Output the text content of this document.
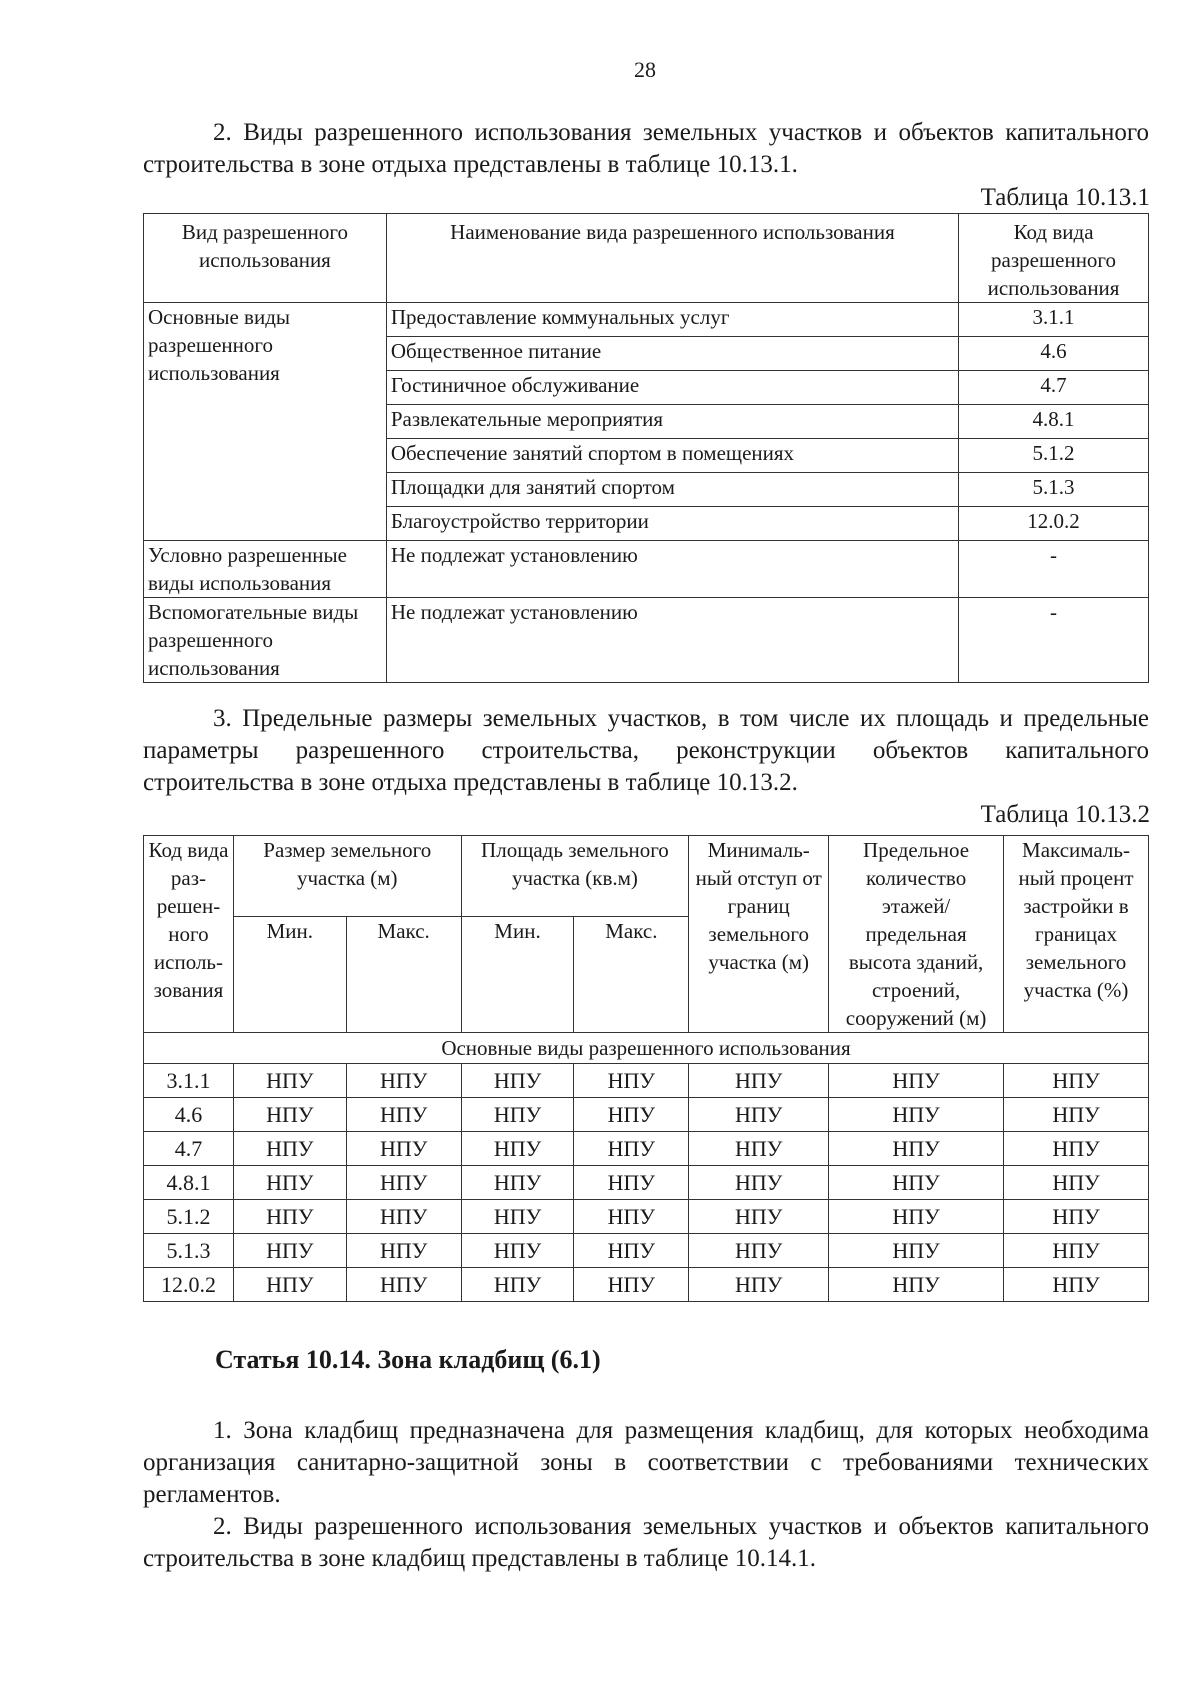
28

2. Виды разрешенного использования земельных участков и объектов капитального строительства в зоне отдыха представлены в таблице 10.13.1.

Таблица 10.13.1
Вид разрешенного использования	Наименование вида разрешенного использования	Код вида разрешенного использования
Основные виды разрешенного использования	Предоставление коммунальных услуг	3.1.1
	Общественное питание	4.6
	Гостиничное обслуживание	4.7
	Развлекательные мероприятия	4.8.1
	Обеспечение занятий спортом в помещениях	5.1.2
	Площадки для занятий спортом	5.1.3
	Благоустройство территории	12.0.2
Условно разрешенные виды использования	Не подлежат установлению	-
Вспомогательные виды разрешенного использования	Не подлежат установлению	-

3. Предельные размеры земельных участков, в том числе их площадь и предельные параметры разрешенного строительства, реконструкции объектов капитального строительства в зоне отдыха представлены в таблице 10.13.2.

Таблица 10.13.2
Код вида раз-решен-ного исполь-зования	Размер земельного участка (м)		Площадь земельного участка (кв.м)		Минималь-ный отступ от границ земельного участка (м)	Предельное количество этажей/ предельная высота зданий, строений, сооружений (м)	Максималь-ный процент застройки в границах земельного участка (%)
	Мин.	Макс.	Мин.	Макс.			
Основные виды разрешенного использования							
3.1.1	НПУ	НПУ	НПУ	НПУ	НПУ	НПУ	НПУ
4.6	НПУ	НПУ	НПУ	НПУ	НПУ	НПУ	НПУ
4.7	НПУ	НПУ	НПУ	НПУ	НПУ	НПУ	НПУ
4.8.1	НПУ	НПУ	НПУ	НПУ	НПУ	НПУ	НПУ
5.1.2	НПУ	НПУ	НПУ	НПУ	НПУ	НПУ	НПУ
5.1.3	НПУ	НПУ	НПУ	НПУ	НПУ	НПУ	НПУ
12.0.2	НПУ	НПУ	НПУ	НПУ	НПУ	НПУ	НПУ
Статья 10.14. Зона кладбищ (6.1)

1. Зона кладбищ предназначена для размещения кладбищ, для которых необходима организация санитарно-защитной зоны в соответствии с требованиями технических регламентов.

2. Виды разрешенного использования земельных участков и объектов капитального строительства в зоне кладбищ представлены в таблице 10.14.1.
